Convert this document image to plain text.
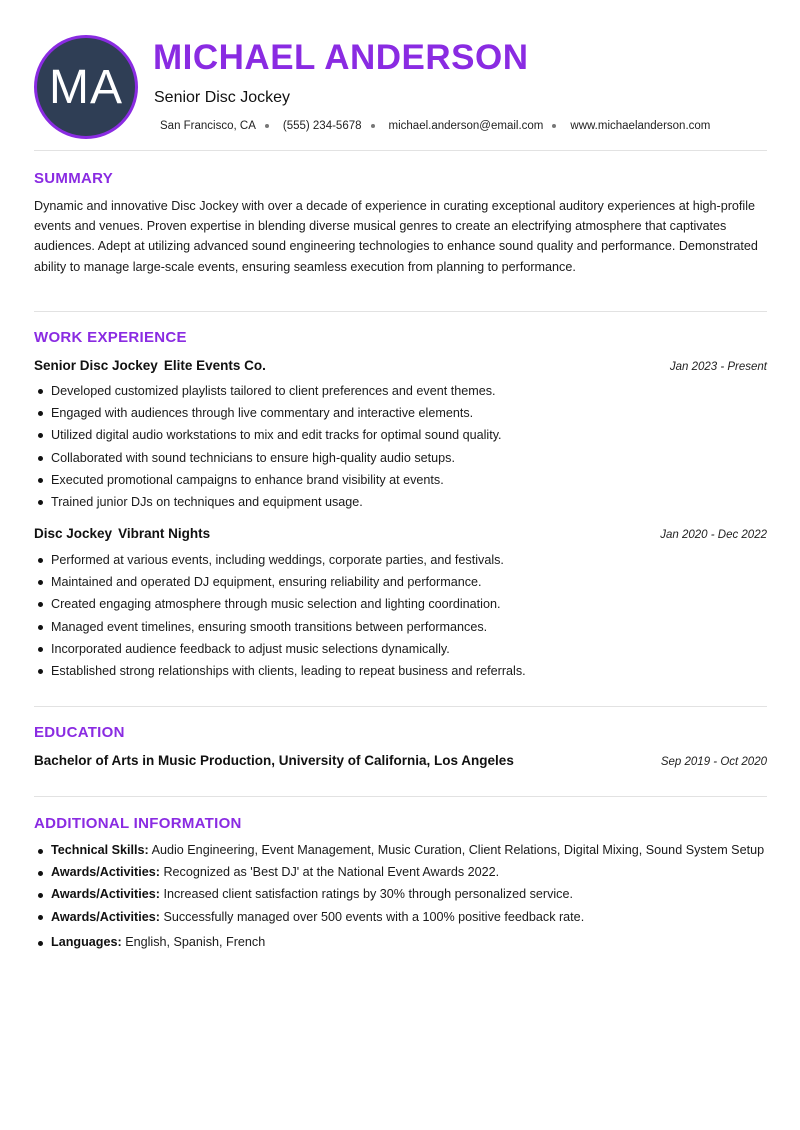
MA
MICHAEL ANDERSON
Senior Disc Jockey
San Francisco, CA (555) 234-5678 michael.anderson@email.com www.michaelanderson.com
SUMMARY

Dynamic and innovative Disc Jockey with over a decade of experience in curating exceptional auditory experiences at high-profile events and venues. Proven expertise in blending diverse musical genres to create an electrifying atmosphere that captivates audiences. Adept at utilizing advanced sound engineering technologies to enhance sound quality and performance. Demonstrated ability to manage large-scale events, ensuring seamless execution from planning to performance.

WORK EXPERIENCE
Senior Disc Jockey Elite Events Co.	Jan 2023 - Present
Developed customized playlists tailored to client preferences and event themes.
Engaged with audiences through live commentary and interactive elements.
Utilized digital audio workstations to mix and edit tracks for optimal sound quality.
Collaborated with sound technicians to ensure high-quality audio setups.
Executed promotional campaigns to enhance brand visibility at events.
Trained junior DJs on techniques and equipment usage.
Disc Jockey Vibrant Nights	Jan 2020 - Dec 2022
Performed at various events, including weddings, corporate parties, and festivals.
Maintained and operated DJ equipment, ensuring reliability and performance.
Created engaging atmosphere through music selection and lighting coordination.
Managed event timelines, ensuring smooth transitions between performances.
Incorporated audience feedback to adjust music selections dynamically.
Established strong relationships with clients, leading to repeat business and referrals.
EDUCATION
Bachelor of Arts in Music Production, University of California, Los Angeles	Sep 2019 - Oct 2020
ADDITIONAL INFORMATION
Technical Skills: Audio Engineering, Event Management, Music Curation, Client Relations, Digital Mixing, Sound System Setup
Awards/Activities: Recognized as 'Best DJ' at the National Event Awards 2022.
Awards/Activities: Increased client satisfaction ratings by 30% through personalized service.
Awards/Activities: Successfully managed over 500 events with a 100% positive feedback rate.
Languages: English , Spanish , French
